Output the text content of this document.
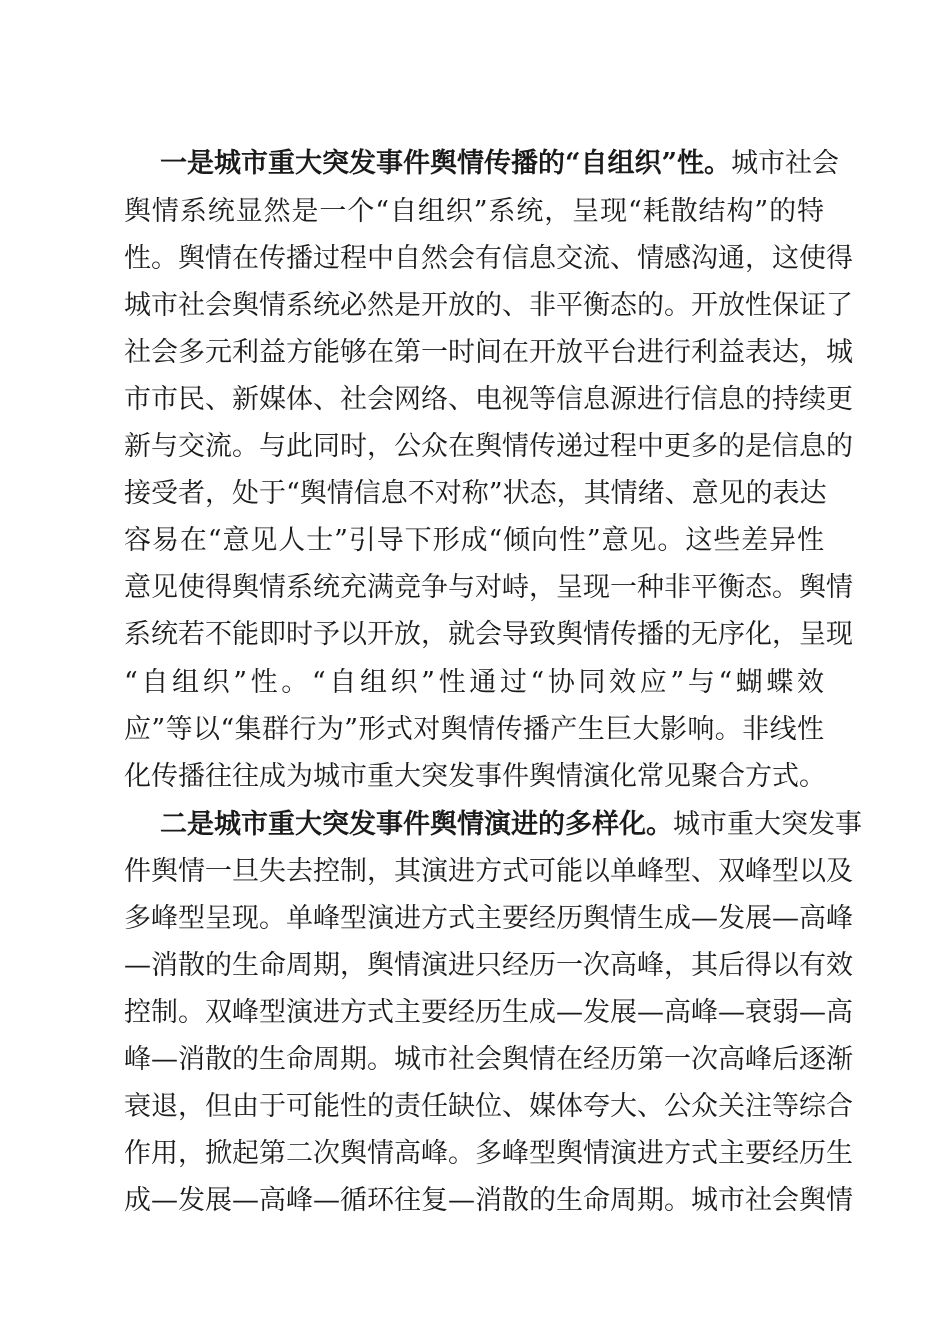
一是城市重大突发事件舆情传播的“自组织”性。城市社会
舆情系统显然是一个“自组织”系统，呈现“耗散结构”的特
性。舆情在传播过程中自然会有信息交流、情感沟通，这使得
城市社会舆情系统必然是开放的、非平衡态的。开放性保证了
社会多元利益方能够在第一时间在开放平台进行利益表达，城
市市民、新媒体、社会网络、电视等信息源进行信息的持续更
新与交流。与此同时，公众在舆情传递过程中更多的是信息的
接受者，处于“舆情信息不对称”状态，其情绪、意见的表达
容易在“意见人士”引导下形成“倾向性”意见。这些差异性
意见使得舆情系统充满竞争与对峙，呈现一种非平衡态。舆情
系统若不能即时予以开放，就会导致舆情传播的无序化，呈现
“自组织”性。“自组织”性通过“协同效应”与“蝴蝶效
应”等以“集群行为”形式对舆情传播产生巨大影响。非线性
化传播往往成为城市重大突发事件舆情演化常见聚合方式。
二是城市重大突发事件舆情演进的多样化。城市重大突发事
件舆情一旦失去控制，其演进方式可能以单峰型、双峰型以及
多峰型呈现。单峰型演进方式主要经历舆情生成—发展—高峰
—消散的生命周期，舆情演进只经历一次高峰，其后得以有效
控制。双峰型演进方式主要经历生成—发展—高峰—衰弱—高
峰—消散的生命周期。城市社会舆情在经历第一次高峰后逐渐
衰退，但由于可能性的责任缺位、媒体夸大、公众关注等综合
作用，掀起第二次舆情高峰。多峰型舆情演进方式主要经历生
成—发展—高峰—循环往复—消散的生命周期。城市社会舆情
